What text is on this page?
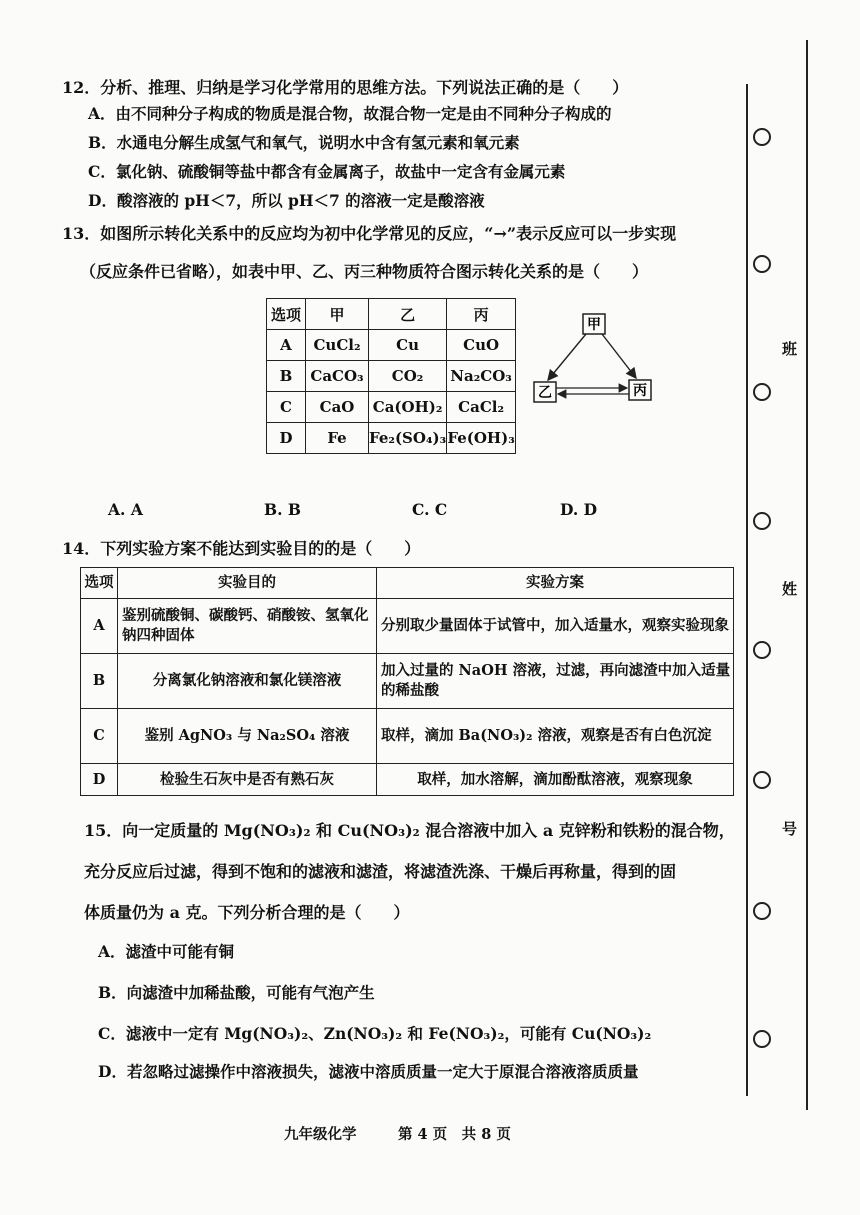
12．分析、推理、归纳是学习化学常用的思维方法。下列说法正确的是（　　）
A．由不同种分子构成的物质是混合物，故混合物一定是由不同种分子构成的
B．水通电分解生成氢气和氧气，说明水中含有氢元素和氧元素
C．氯化钠、硫酸铜等盐中都含有金属离子，故盐中一定含有金属元素
D．酸溶液的 pH＜7，所以 pH＜7 的溶液一定是酸溶液
13．如图所示转化关系中的反应均为初中化学常见的反应，“→”表示反应可以一步实现
（反应条件已省略），如表中甲、乙、丙三种物质符合图示转化关系的是（　　）
选项	甲	乙	丙
A	CuCl₂	Cu	CuO
B	CaCO₃	CO₂	Na₂CO₃
C	CaO	Ca(OH)₂	CaCl₂
D	Fe	Fe₂(SO₄)₃	Fe(OH)₃
甲
乙	丙
A. A	B. B	C. C	D. D
14．下列实验方案不能达到实验目的的是（　　）
选项	实验目的	实验方案
A	鉴别硫酸铜、碳酸钙、硝酸铵、氢氧化钠四种固体	分别取少量固体于试管中，加入适量水，观察实验现象
B	分离氯化钠溶液和氯化镁溶液	加入过量的 NaOH 溶液，过滤，再向滤渣中加入适量的稀盐酸
C	鉴别 AgNO₃ 与 Na₂SO₄ 溶液	取样，滴加 Ba(NO₃)₂ 溶液，观察是否有白色沉淀
D	检验生石灰中是否有熟石灰	取样，加水溶解，滴加酚酞溶液，观察现象
15．向一定质量的 Mg(NO₃)₂ 和 Cu(NO₃)₂ 混合溶液中加入 a 克锌粉和铁粉的混合物，
充分反应后过滤，得到不饱和的滤液和滤渣，将滤渣洗涤、干燥后再称量，得到的固
体质量仍为 a 克。下列分析合理的是（　　）
A．滤渣中可能有铜
B．向滤渣中加稀盐酸，可能有气泡产生
C．滤液中一定有 Mg(NO₃)₂、Zn(NO₃)₂ 和 Fe(NO₃)₂，可能有 Cu(NO₃)₂
D．若忽略过滤操作中溶液损失，滤液中溶质质量一定大于原混合溶液溶质质量
九年级化学	第 4 页　共 8 页
班
姓
号
